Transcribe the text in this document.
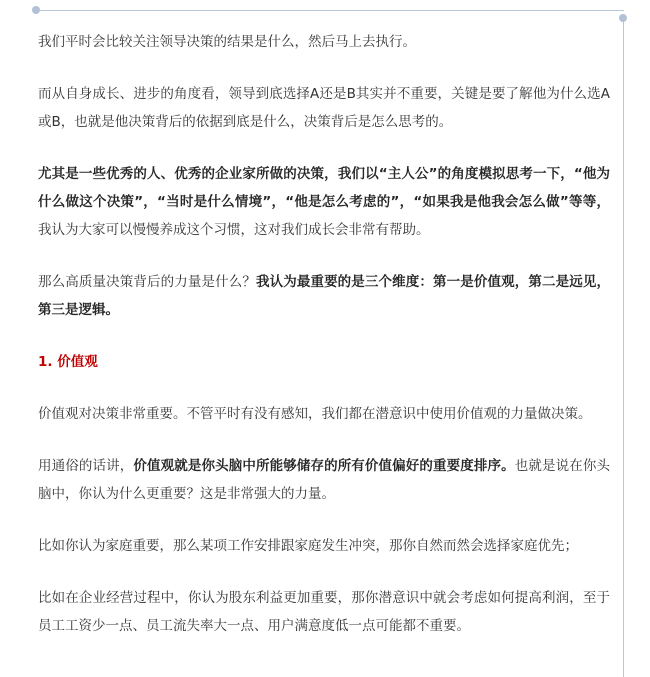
我们平时会比较关注领导决策的结果是什么，然后马上去执行。

而从自身成长、进步的角度看，领导到底选择A还是B其实并不重要，关键是要了解他为什么选A或B，也就是他决策背后的依据到底是什么，决策背后是怎么思考的。

尤其是一些优秀的人、优秀的企业家所做的决策，我们以“主人公”的角度模拟思考一下，“他为什么做这个决策”，“当时是什么情境”，“他是怎么考虑的”，“如果我是他我会怎么做”等等，我认为大家可以慢慢养成这个习惯，这对我们成长会非常有帮助。

那么高质量决策背后的力量是什么？我认为最重要的是三个维度：第一是价值观，第二是远见，第三是逻辑。

1. 价值观

价值观对决策非常重要。不管平时有没有感知，我们都在潜意识中使用价值观的力量做决策。

用通俗的话讲，价值观就是你头脑中所能够储存的所有价值偏好的重要度排序。也就是说在你头脑中，你认为什么更重要？这是非常强大的力量。

比如你认为家庭重要，那么某项工作安排跟家庭发生冲突，那你自然而然会选择家庭优先；

比如在企业经营过程中，你认为股东利益更加重要，那你潜意识中就会考虑如何提高利润，至于员工工资少一点、员工流失率大一点、用户满意度低一点可能都不重要。
